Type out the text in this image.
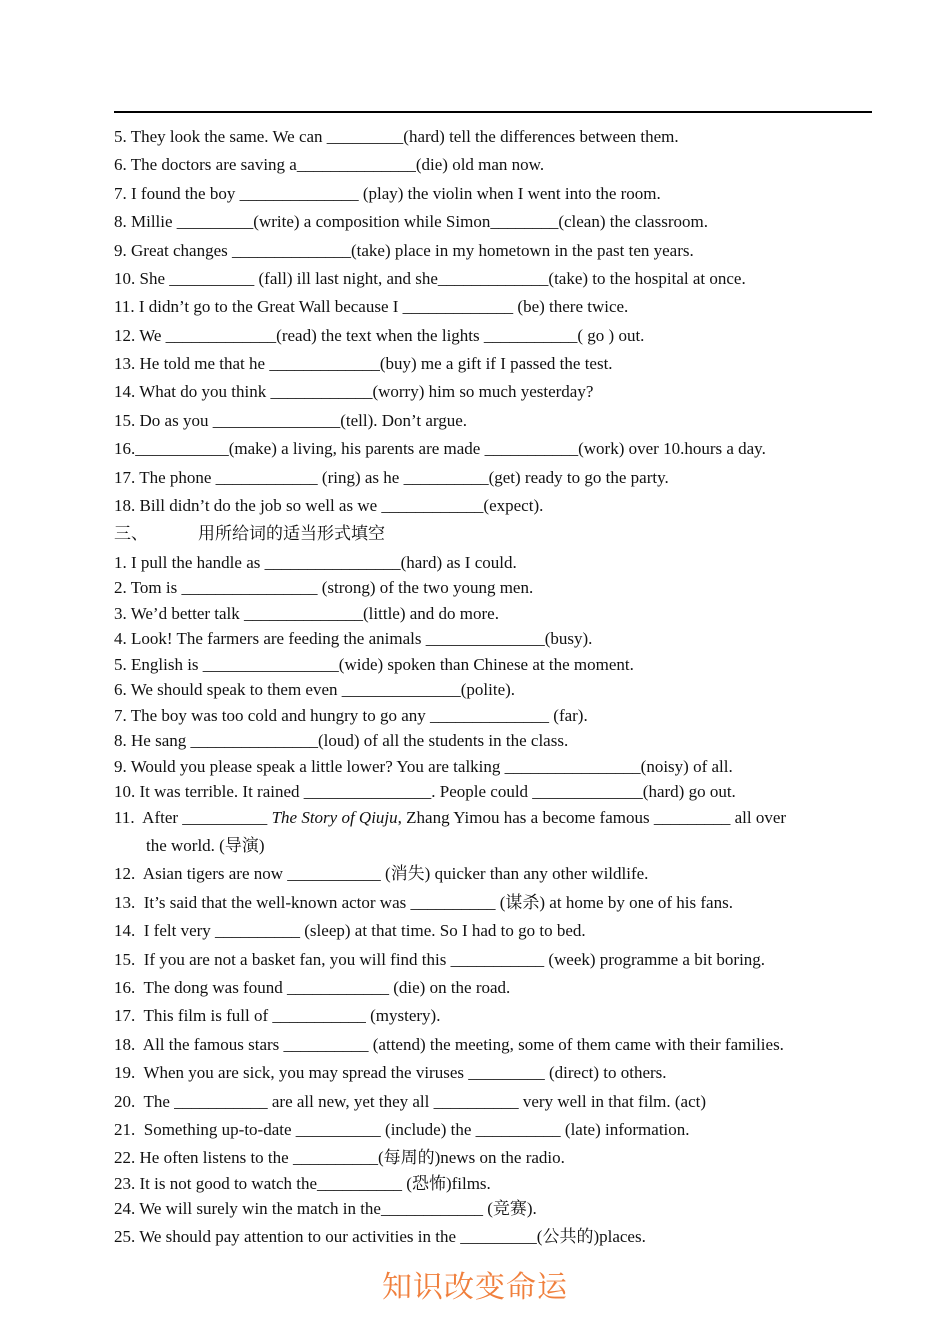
5. They look the same. We can _________(hard) tell the differences between them.
6. The doctors are saving a______________(die) old man now.
7. I found the boy ______________ (play) the violin when I went into the room.
8. Millie _________(write) a composition while Simon________(clean) the classroom.
9. Great changes ______________(take) place in my hometown in the past ten years.
10. She __________ (fall) ill last night, and she_____________(take) to the hospital at once.
11. I didn’t go to the Great Wall because I _____________ (be) there twice.
12. We _____________(read) the text when the lights ___________( go ) out.
13. He told me that he _____________(buy) me a gift if I passed the test.
14. What do you think ____________(worry) him so much yesterday?
15. Do as you _______________(tell). Don’t argue.
16.___________(make) a living, his parents are made ___________(work) over 10.hours a day.
17. The phone ____________ (ring) as he __________(get) ready to go the party.
18. Bill didn’t do the job so well as we ____________(expect).
三、	用所给词的适当形式填空
1. I pull the handle as ________________(hard) as I could.
2. Tom is ________________ (strong) of the two young men.
3. We’d better talk ______________(little) and do more.
4. Look! The farmers are feeding the animals ______________(busy).
5. English is ________________(wide) spoken than Chinese at the moment.
6. We should speak to them even ______________(polite).
7. The boy was too cold and hungry to go any ______________ (far).
8. He sang _______________(loud) of all the students in the class.
9. Would you please speak a little lower? You are talking ________________(noisy) of all.
10. It was terrible. It rained _______________. People could _____________(hard) go out.
11.  After __________ The Story of Qiuju, Zhang Yimou has a become famous _________ all over
the world. (导演)
12.  Asian tigers are now ___________ (消失) quicker than any other wildlife.
13.  It’s said that the well-known actor was __________ (谋杀) at home by one of his fans.
14.  I felt very __________ (sleep) at that time. So I had to go to bed.
15.  If you are not a basket fan, you will find this ___________ (week) programme a bit boring.
16.  The dong was found ____________ (die) on the road.
17.  This film is full of ___________ (mystery).
18.  All the famous stars __________ (attend) the meeting, some of them came with their families.
19.  When you are sick, you may spread the viruses _________ (direct) to others.
20.  The ___________ are all new, yet they all __________ very well in that film. (act)
21.  Something up-to-date __________ (include) the __________ (late) information.
22. He often listens to the __________(每周的)news on the radio.
23. It is not good to watch the__________ (恐怖)films.
24. We will surely win the match in the____________ (竞赛).
25. We should pay attention to our activities in the _________(公共的)places.
知识改变命运
